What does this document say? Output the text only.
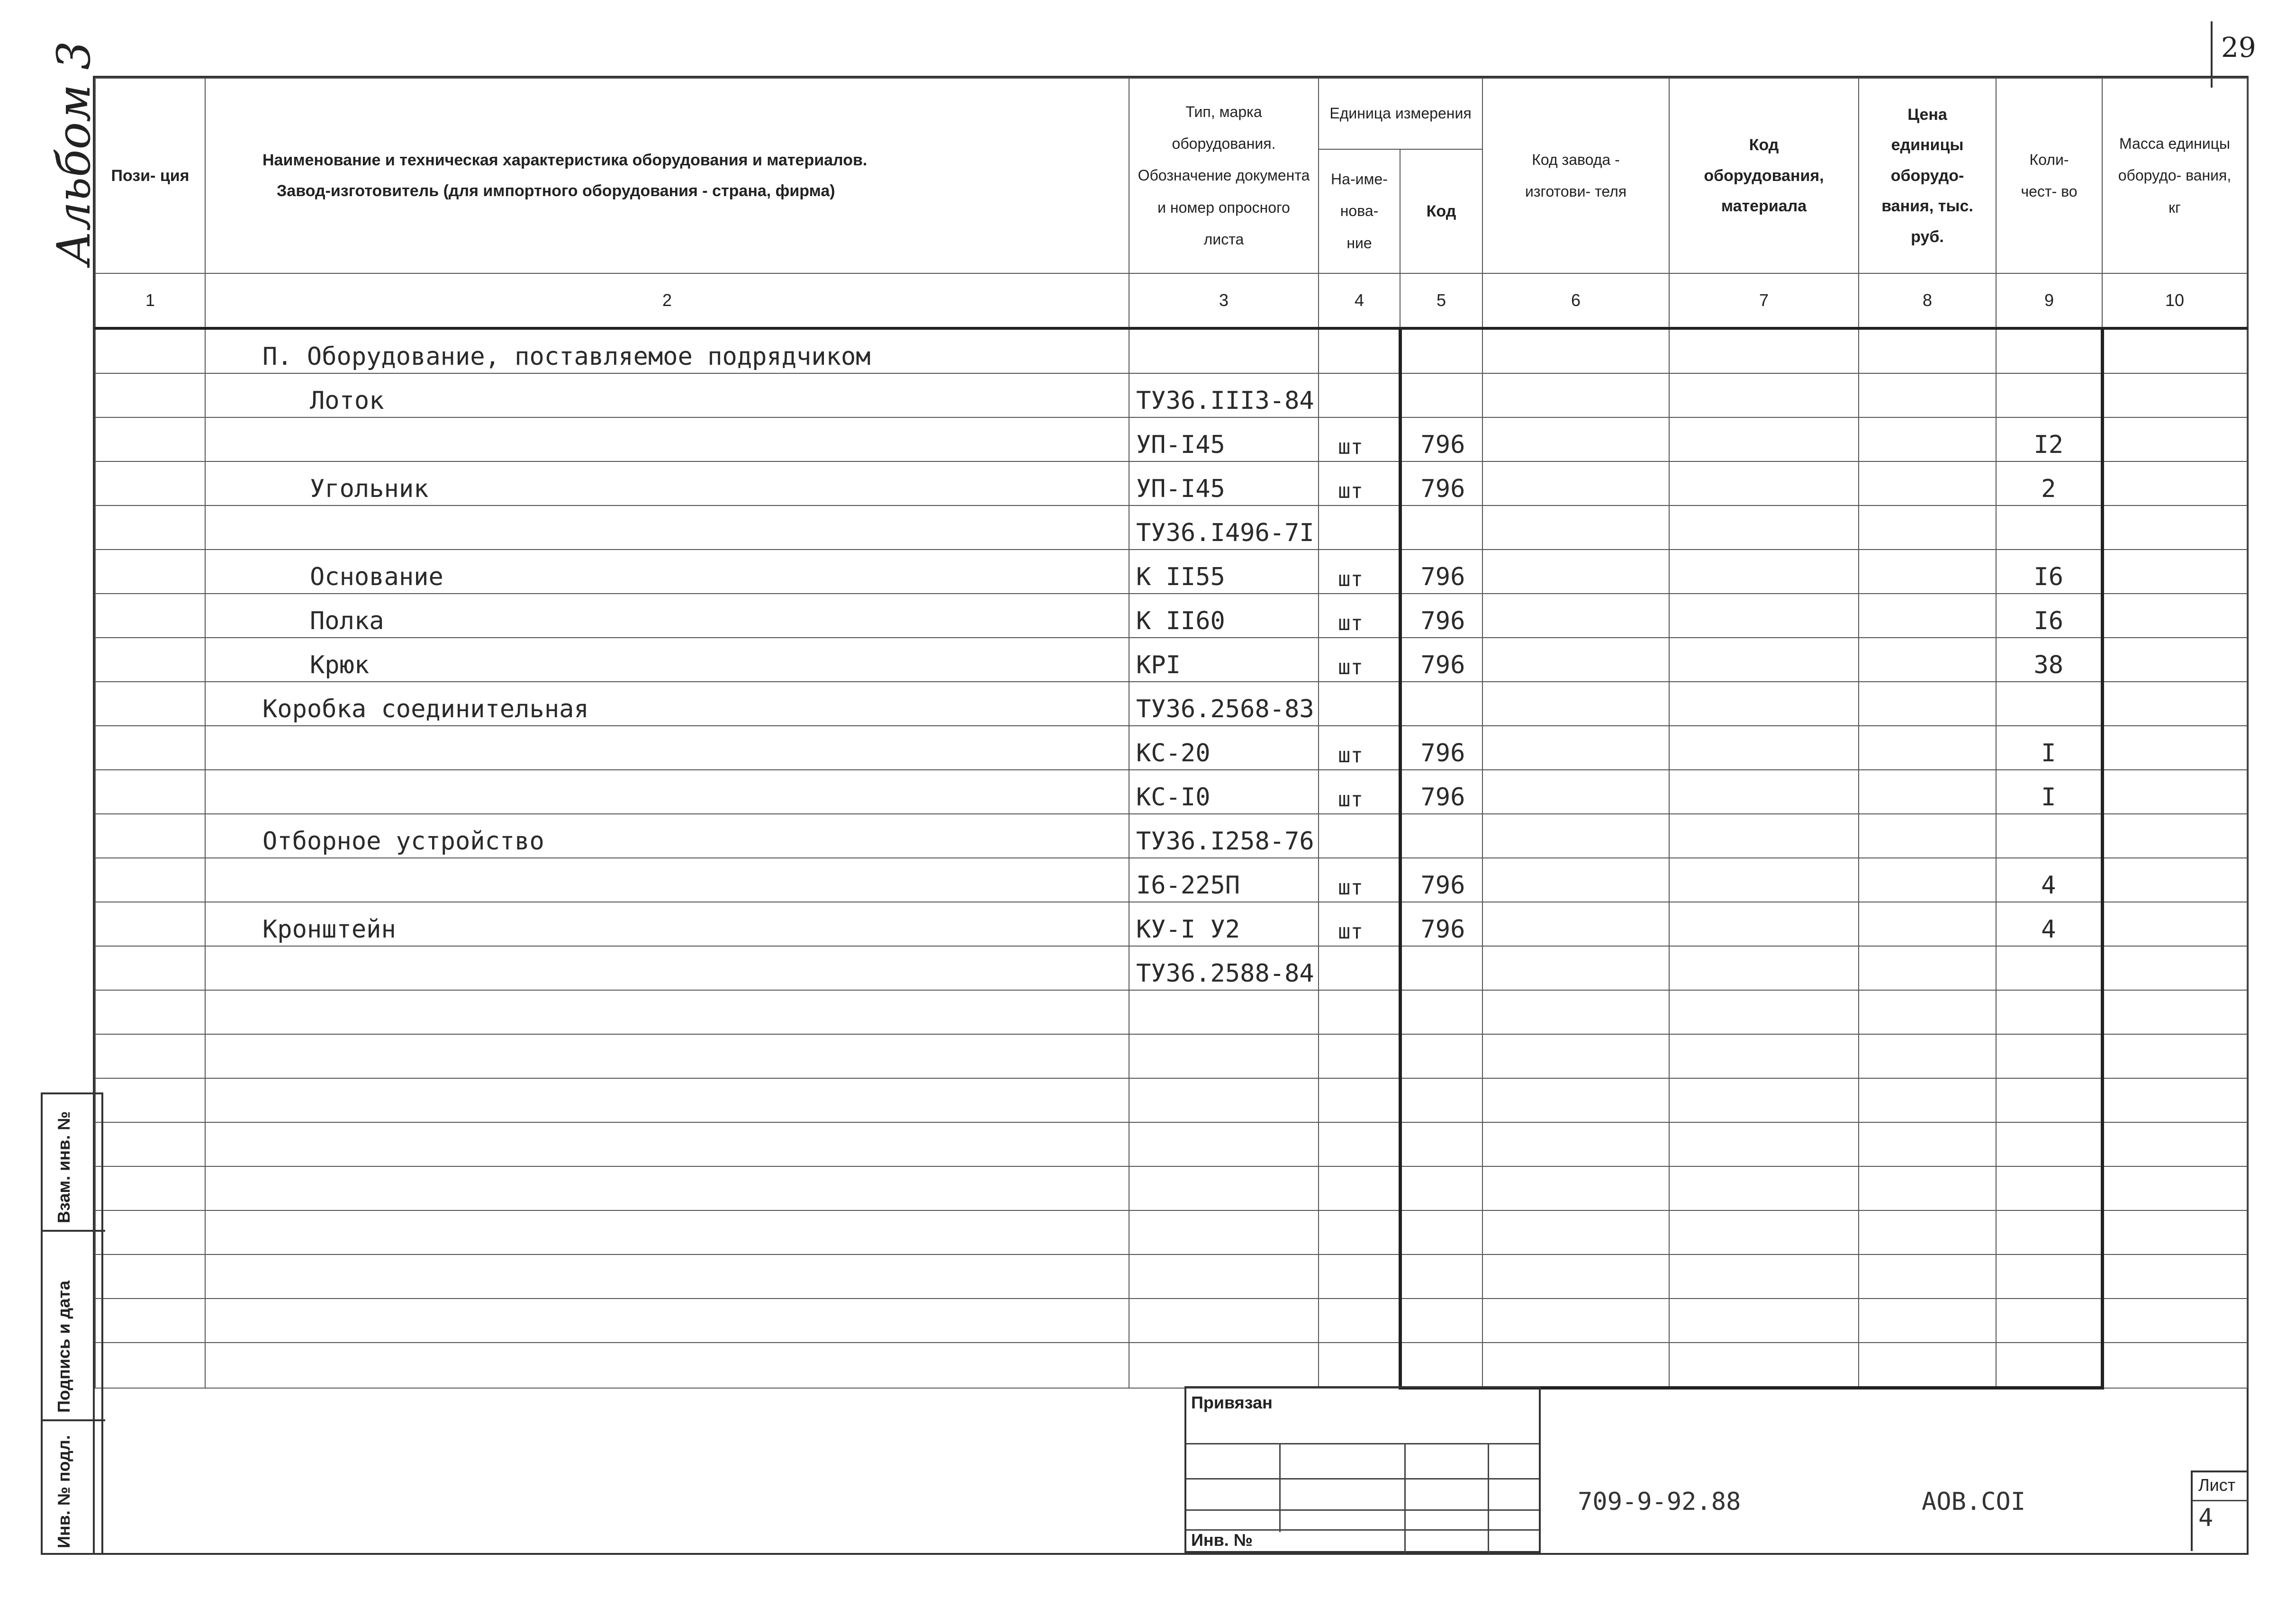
29
Альбом 3 Пози- ция	Наименование и техническая характеристика оборудования и материалов.
Завод-изготовитель (для импортного оборудования - страна, фирма)	Тип, марка оборудования. Обозначение документа и номер опросного листа	Единица измерения		Код завода - изготови- теля	Код оборудования, материала	Цена единицы оборудо- вания, тыс. руб.	Коли- чест- во	Масса единицы оборудо- вания, кг
			На-име-нова-ние	Код					
1	2	3	4	5	6	7	8	9	10
	П. Оборудование, поставляемое подрядчиком								
	Лоток	ТУ36.III3-84							
		УП-I45	шт	796				I2	
	Угольник	УП-I45	шт	796				2	
		ТУ36.I496-7I							
	Основание	К II55	шт	796				I6	
	Полка	К II60	шт	796				I6	
	Крюк	КРI	шт	796				38	
	Коробка соединительная	ТУ36.2568-83							
		КС-20	шт	796				I	
		КС-I0	шт	796				I	
	Отборное устройство	ТУ36.I258-76							
		I6-225П	шт	796				4	
	Кронштейн	КУ-I У2	шт	796				4	
		ТУ36.2588-84							

Взам. инв. №
Подпись и дата
Инв. № подл.
Привязан
Инв. №
709-9-92.88	АОВ.СОI
Лист
4
